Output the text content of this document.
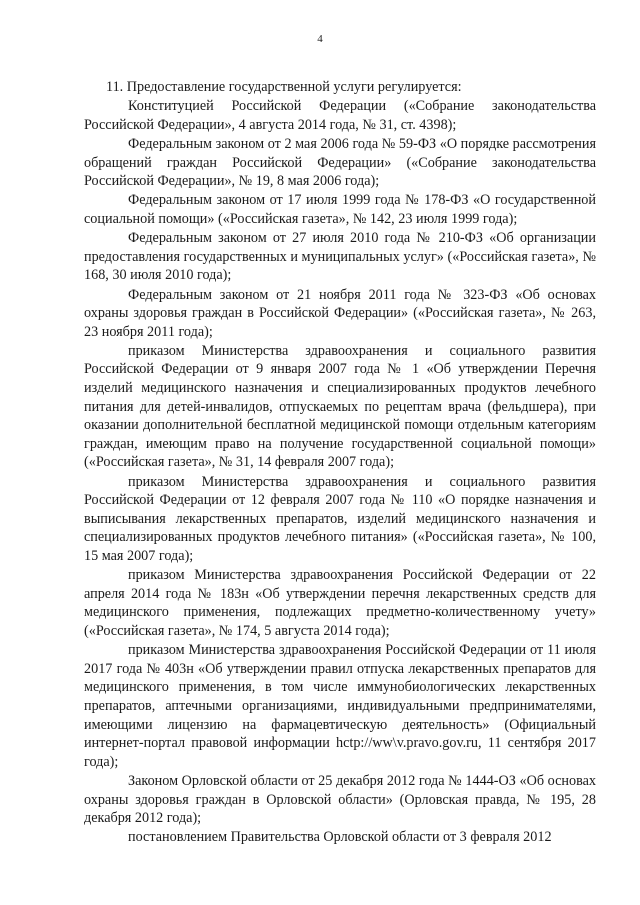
4

11. Предоставление государственной услуги регулируется:

Конституцией Российской Федерации («Собрание законодательства Российской Федерации», 4 августа 2014 года, № 31, ст. 4398);

Федеральным законом от 2 мая 2006 года № 59-ФЗ «О порядке рассмотрения обращений граждан Российской Федерации» («Собрание законодательства Российской Федерации», № 19, 8 мая 2006 года);

Федеральным законом от 17 июля 1999 года № 178-ФЗ «О государственной социальной помощи» («Российская газета», № 142, 23 июля 1999 года);

Федеральным законом от 27 июля 2010 года № 210-ФЗ «Об организации предоставления государственных и муниципальных услуг» («Российская газета», № 168, 30 июля 2010 года);

Федеральным законом от 21 ноября 2011 года № 323-ФЗ «Об основах охраны здоровья граждан в Российской Федерации» («Российская газета», № 263, 23 ноября 2011 года);

приказом Министерства здравоохранения и социального развития Российской Федерации от 9 января 2007 года № 1 «Об утверждении Перечня изделий медицинского назначения и специализированных продуктов лечебного питания для детей-инвалидов, отпускаемых по рецептам врача (фельдшера), при оказании дополнительной бесплатной медицинской помощи отдельным категориям граждан, имеющим право на получение государственной социальной помощи» («Российская газета», № 31, 14 февраля 2007 года);

приказом Министерства здравоохранения и социального развития Российской Федерации от 12 февраля 2007 года № 110 «О порядке назначения и выписывания лекарственных препаратов, изделий медицинского назначения и специализированных продуктов лечебного питания» («Российская газета», № 100, 15 мая 2007 года);

приказом Министерства здравоохранения Российской Федерации от 22 апреля 2014 года № 183н «Об утверждении перечня лекарственных средств для медицинского применения, подлежащих предметно-количественному учету» («Российская газета», № 174, 5 августа 2014 года);

приказом Министерства здравоохранения Российской Федерации от 11 июля 2017 года № 403н «Об утверждении правил отпуска лекарственных препаратов для медицинского применения, в том числе иммунобиологических лекарственных препаратов, аптечными организациями, индивидуальными предпринимателями, имеющими лицензию на фармацевтическую деятельность» (Официальный интернет-портал правовой информации hctp://ww\v.pravo.gov.ru, 11 сентября 2017 года);

Законом Орловской области от 25 декабря 2012 года № 1444-ОЗ «Об основах охраны здоровья граждан в Орловской области» (Орловская правда, № 195, 28 декабря 2012 года);

постановлением Правительства Орловской области от 3 февраля 2012
